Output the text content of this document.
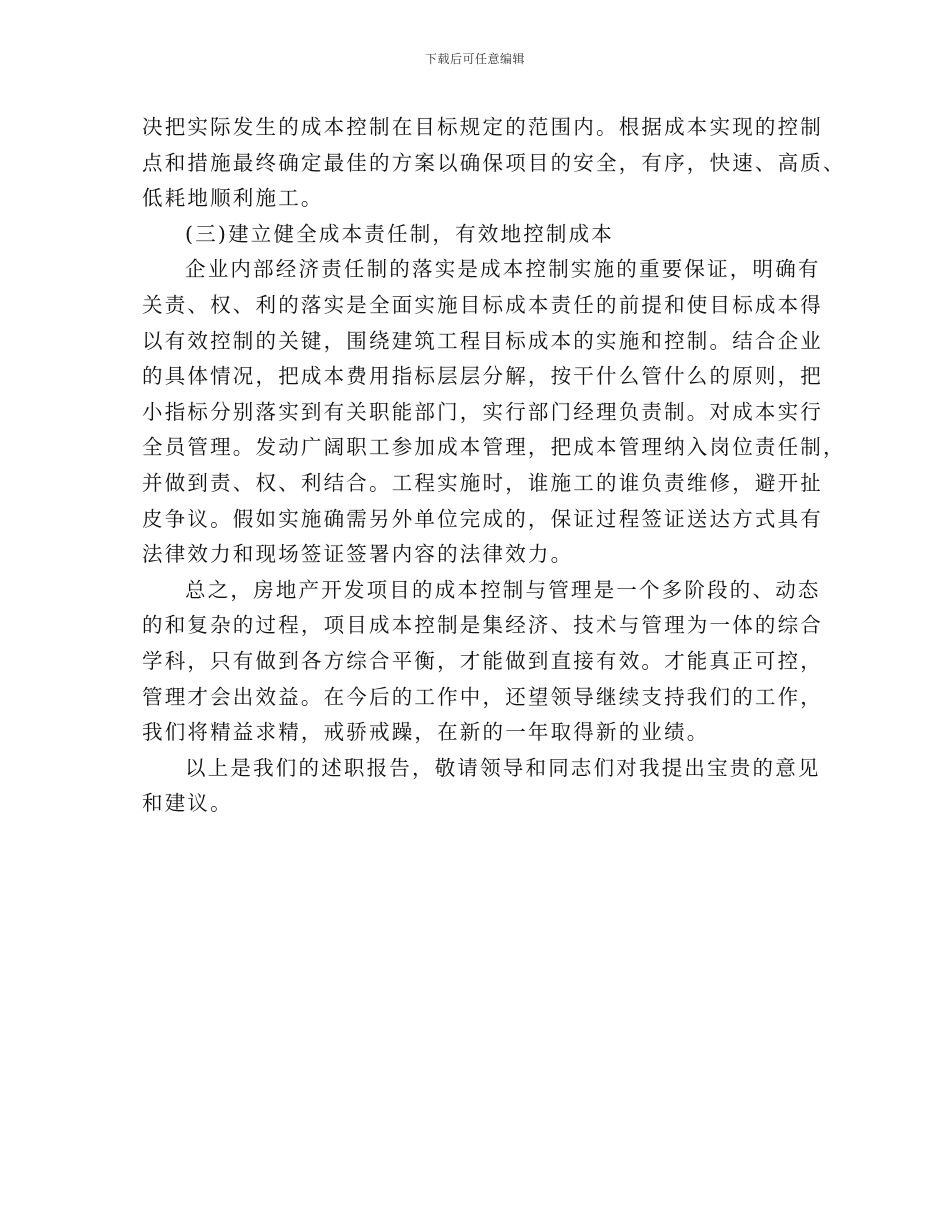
下载后可任意编辑
决把实际发生的成本控制在目标规定的范围内。根据成本实现的控制
点和措施最终确定最佳的方案以确保项目的安全，有序，快速、高质、
低耗地顺利施工。
(三)建立健全成本责任制，有效地控制成本
企业内部经济责任制的落实是成本控制实施的重要保证，明确有
关责、权、利的落实是全面实施目标成本责任的前提和使目标成本得
以有效控制的关键，围绕建筑工程目标成本的实施和控制。结合企业
的具体情况，把成本费用指标层层分解，按干什么管什么的原则，把
小指标分别落实到有关职能部门，实行部门经理负责制。对成本实行
全员管理。发动广阔职工参加成本管理，把成本管理纳入岗位责任制，
并做到责、权、利结合。工程实施时，谁施工的谁负责维修，避开扯
皮争议。假如实施确需另外单位完成的，保证过程签证送达方式具有
法律效力和现场签证签署内容的法律效力。
总之，房地产开发项目的成本控制与管理是一个多阶段的、动态
的和复杂的过程，项目成本控制是集经济、技术与管理为一体的综合
学科，只有做到各方综合平衡，才能做到直接有效。才能真正可控，
管理才会出效益。在今后的工作中，还望领导继续支持我们的工作，
我们将精益求精，戒骄戒躁，在新的一年取得新的业绩。
以上是我们的述职报告，敬请领导和同志们对我提出宝贵的意见
和建议。
